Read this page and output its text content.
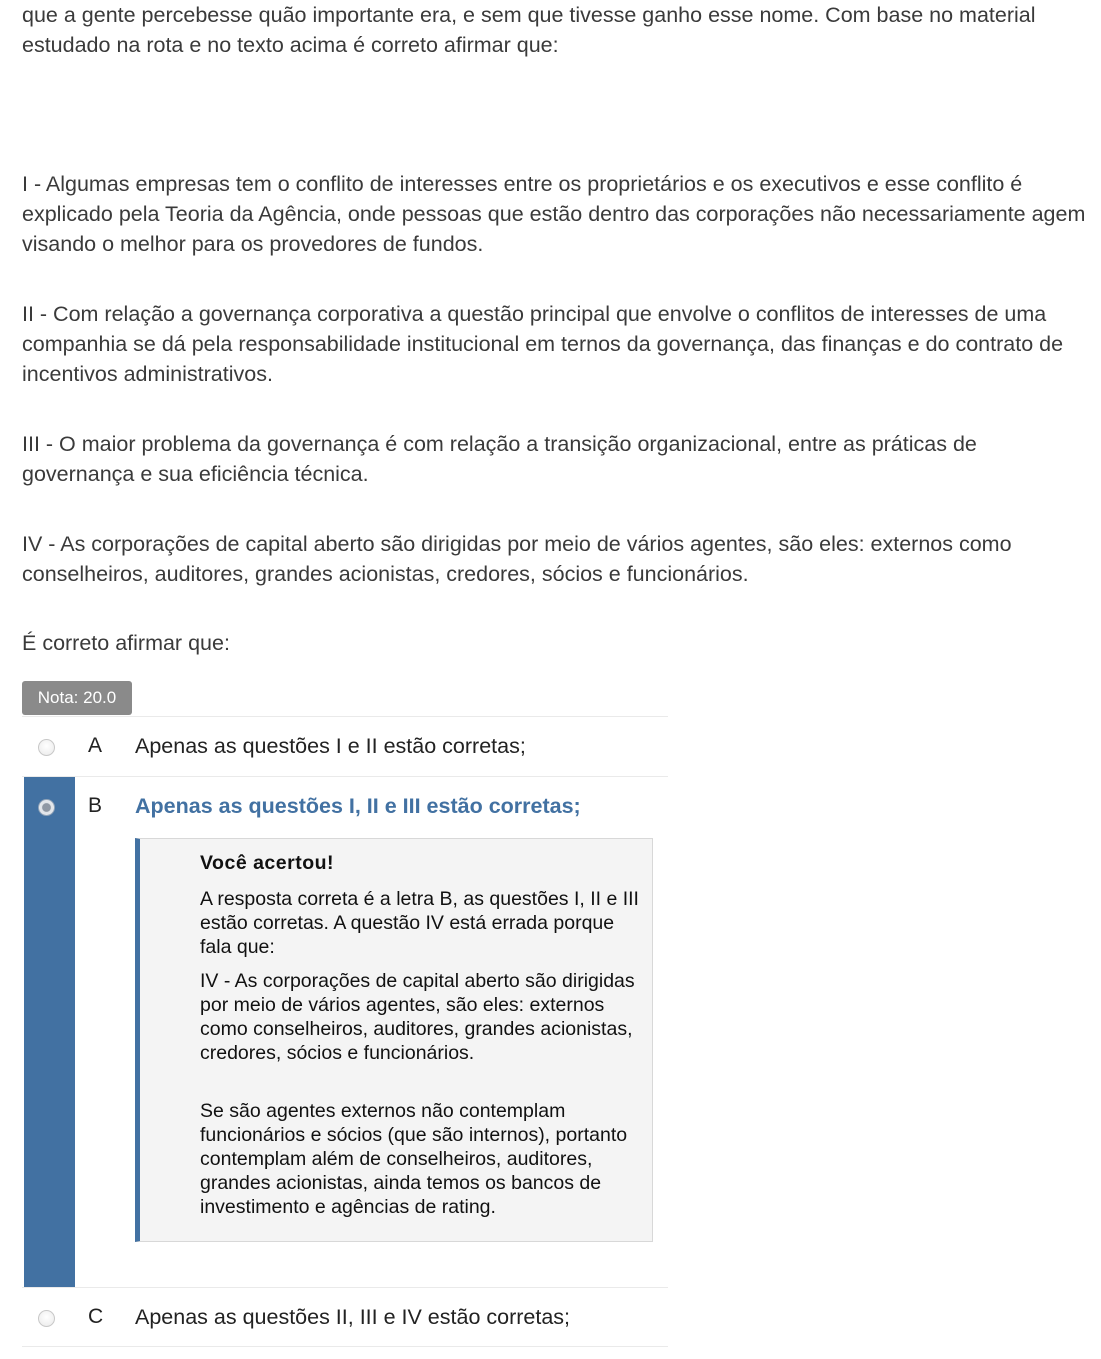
que a gente percebesse quão importante era, e sem que tivesse ganho esse nome. Com base no material estudado na rota e no texto acima é correto afirmar que:

I - Algumas empresas tem o conflito de interesses entre os proprietários e os executivos e esse conflito é explicado pela Teoria da Agência, onde pessoas que estão dentro das corporações não necessariamente agem visando o melhor para os provedores de fundos.

II - Com relação a governança corporativa a questão principal que envolve o conflitos de interesses de uma companhia se dá pela responsabilidade institucional em ternos da governança, das finanças e do contrato de incentivos administrativos.

III - O maior problema da governança é com relação a transição organizacional, entre as práticas de
governança e sua eficiência técnica.

IV - As corporações de capital aberto são dirigidas por meio de vários agentes, são eles: externos como conselheiros, auditores, grandes acionistas, credores, sócios e funcionários.

É correto afirmar que:

Nota: 20.0
A Apenas as questões I e II estão corretas;
B Apenas as questões I, II e III estão corretas;
Você acertou!

A resposta correta é a letra B, as questões I, II e III estão corretas. A questão IV está errada porque fala que:

IV - As corporações de capital aberto são dirigidas por meio de vários agentes, são eles: externos como conselheiros, auditores, grandes acionistas, credores, sócios e funcionários.

Se são agentes externos não contemplam funcionários e sócios (que são internos), portanto contemplam além de conselheiros, auditores, grandes acionistas, ainda temos os bancos de investimento e agências de rating.

C Apenas as questões II, III e IV estão corretas;
